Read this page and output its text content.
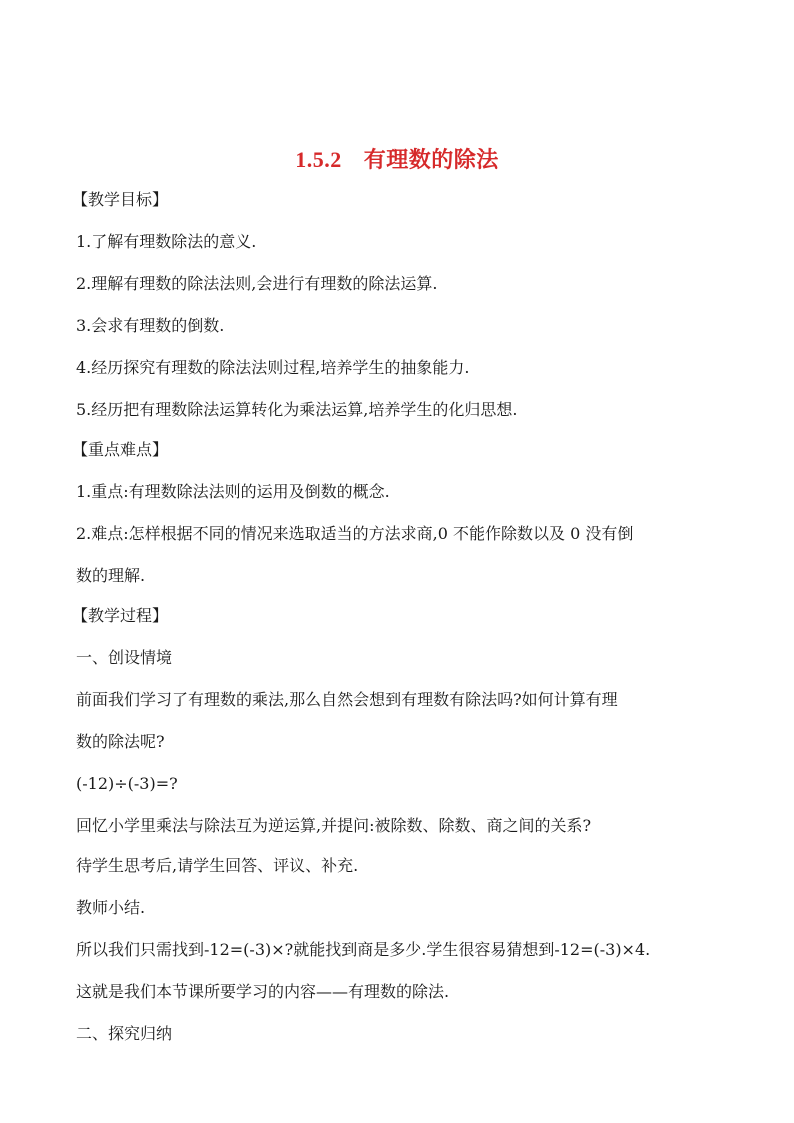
1.5.2 有理数的除法
【教学目标】
1.了解有理数除法的意义.
2.理解有理数的除法法则,会进行有理数的除法运算.
3.会求有理数的倒数.
4.经历探究有理数的除法法则过程,培养学生的抽象能力.
5.经历把有理数除法运算转化为乘法运算,培养学生的化归思想.
【重点难点】
1.重点:有理数除法法则的运用及倒数的概念.
2.难点:怎样根据不同的情况来选取适当的方法求商,0 不能作除数以及 0 没有倒
数的理解.
【教学过程】
一、创设情境
前面我们学习了有理数的乘法,那么自然会想到有理数有除法吗?如何计算有理
数的除法呢?
(-12)÷(-3)=?
回忆小学里乘法与除法互为逆运算,并提问:被除数、除数、商之间的关系?
待学生思考后,请学生回答、评议、补充.
教师小结.
所以我们只需找到-12=(-3)×?就能找到商是多少.学生很容易猜想到-12=(-3)×4.
这就是我们本节课所要学习的内容——有理数的除法.
二、探究归纳
